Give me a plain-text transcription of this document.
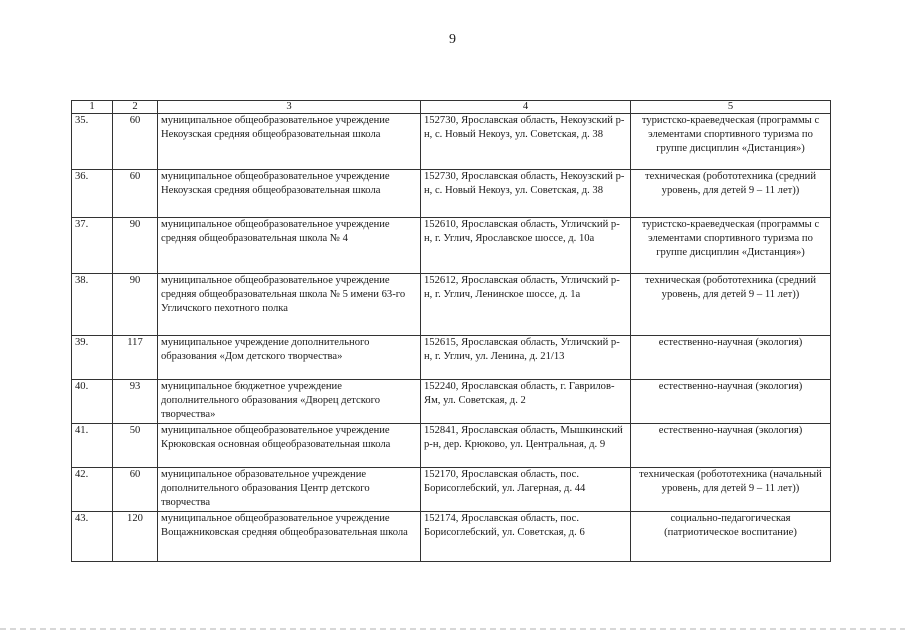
9
1	2	3	4	5
35.	60	муниципальное общеобразовательное учреждение Некоузская средняя общеобразовательная школа	152730, Ярославская область, Некоузский р-н, с. Новый Некоуз, ул. Советская, д. 38	туристско-краеведческая (программы с элементами спортивного туризма по группе дисциплин «Дистанция»)
36.	60	муниципальное общеобразовательное учреждение Некоузская средняя общеобразовательная школа	152730, Ярославская область, Некоузский р-н, с. Новый Некоуз, ул. Советская, д. 38	техническая (робототехника (средний уровень, для детей 9 – 11 лет))
37.	90	муниципальное общеобразовательное учреждение средняя общеобразовательная школа № 4	152610, Ярославская область, Угличский р-н, г. Углич, Ярославское шоссе, д. 10а	туристско-краеведческая (программы с элементами спортивного туризма по группе дисциплин «Дистанция»)
38.	90	муниципальное общеобразовательное учреждение средняя общеобразовательная школа № 5 имени 63-го Угличского пехотного полка	152612, Ярославская область, Угличский р-н, г. Углич, Ленинское шоссе, д. 1а	техническая (робототехника (средний уровень, для детей 9 – 11 лет))
39.	117	муниципальное учреждение дополнительного образования «Дом детского творчества»	152615, Ярославская область, Угличский р-н, г. Углич, ул. Ленина, д. 21/13	естественно-научная (экология)
40.	93	муниципальное бюджетное учреждение дополнительного образования «Дворец детского творчества»	152240, Ярославская область, г. Гаврилов-Ям, ул. Советская, д. 2	естественно-научная (экология)
41.	50	муниципальное общеобразовательное учреждение Крюковская основная общеобразовательная школа	152841, Ярославская область, Мышкинский р-н, дер. Крюково, ул. Центральная, д. 9	естественно-научная (экология)
42.	60	муниципальное образовательное учреждение дополнительного образования Центр детского творчества	152170, Ярославская область, пос. Борисоглебский, ул. Лагерная, д. 44	техническая (робототехника (начальный уровень, для детей 9 – 11 лет))
43.	120	муниципальное общеобразовательное учреждение Вощажниковская средняя общеобразовательная школа	152174, Ярославская область, пос. Борисоглебский, ул. Советская, д. 6	социально-педагогическая (патриотическое воспитание)
